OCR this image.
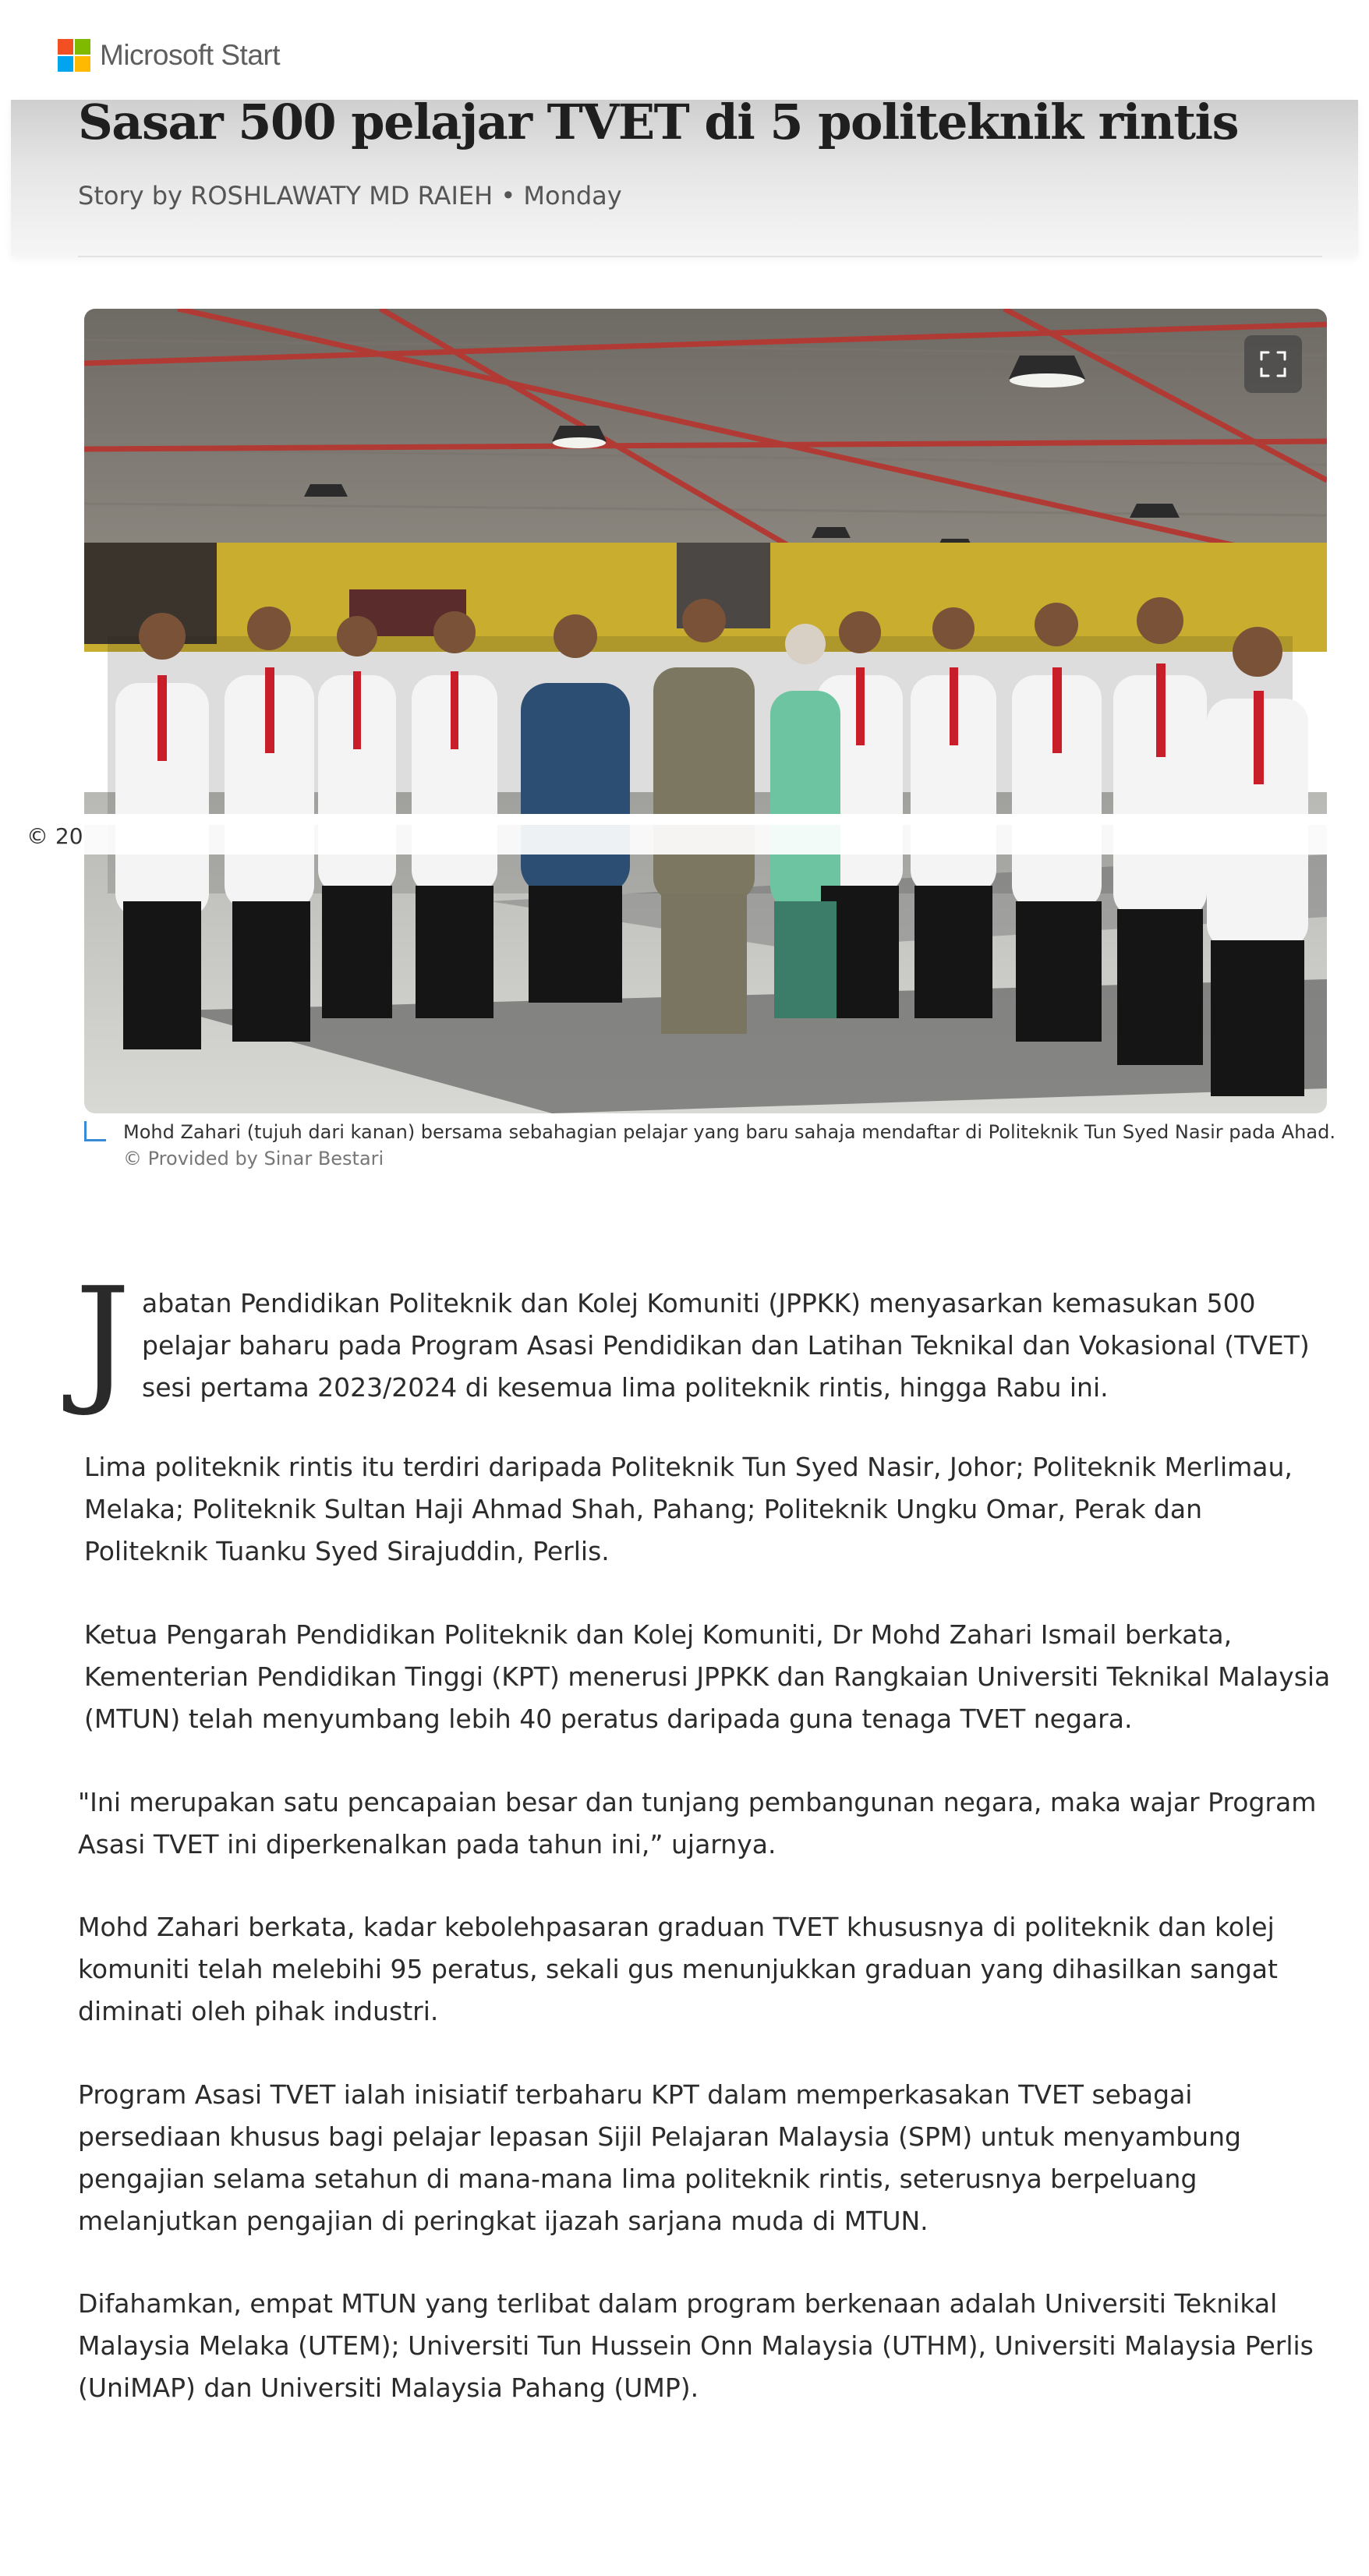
Microsoft Start
Sasar 500 pelajar TVET di 5 politeknik rintis
Story by ROSHLAWATY MD RAIEH • Monday
© 20
Mohd Zahari (tujuh dari kanan) bersama sebahagian pelajar yang baru sahaja mendaftar di Politeknik Tun Syed Nasir pada Ahad.
© Provided by Sinar Bestari
J abatan Pendidikan Politeknik dan Kolej Komuniti (JPPKK) menyasarkan kemasukan 500 pelajar baharu pada Program Asasi Pendidikan dan Latihan Teknikal dan Vokasional (TVET) sesi pertama 2023/2024 di kesemua lima politeknik rintis, hingga Rabu ini.

Lima politeknik rintis itu terdiri daripada Politeknik Tun Syed Nasir, Johor; Politeknik Merlimau, Melaka; Politeknik Sultan Haji Ahmad Shah, Pahang; Politeknik Ungku Omar, Perak dan Politeknik Tuanku Syed Sirajuddin, Perlis.

Ketua Pengarah Pendidikan Politeknik dan Kolej Komuniti, Dr Mohd Zahari Ismail berkata, Kementerian Pendidikan Tinggi (KPT) menerusi JPPKK dan Rangkaian Universiti Teknikal Malaysia (MTUN) telah menyumbang lebih 40 peratus daripada guna tenaga TVET negara.

"Ini merupakan satu pencapaian besar dan tunjang pembangunan negara, maka wajar Program Asasi TVET ini diperkenalkan pada tahun ini,” ujarnya.

Mohd Zahari berkata, kadar kebolehpasaran graduan TVET khususnya di politeknik dan kolej komuniti telah melebihi 95 peratus, sekali gus menunjukkan graduan yang dihasilkan sangat diminati oleh pihak industri.

Program Asasi TVET ialah inisiatif terbaharu KPT dalam memperkasakan TVET sebagai persediaan khusus bagi pelajar lepasan Sijil Pelajaran Malaysia (SPM) untuk menyambung pengajian selama setahun di mana-mana lima politeknik rintis, seterusnya berpeluang melanjutkan pengajian di peringkat ijazah sarjana muda di MTUN.

Difahamkan, empat MTUN yang terlibat dalam program berkenaan adalah Universiti Teknikal Malaysia Melaka (UTEM); Universiti Tun Hussein Onn Malaysia (UTHM), Universiti Malaysia Perlis (UniMAP) dan Universiti Malaysia Pahang (UMP).
